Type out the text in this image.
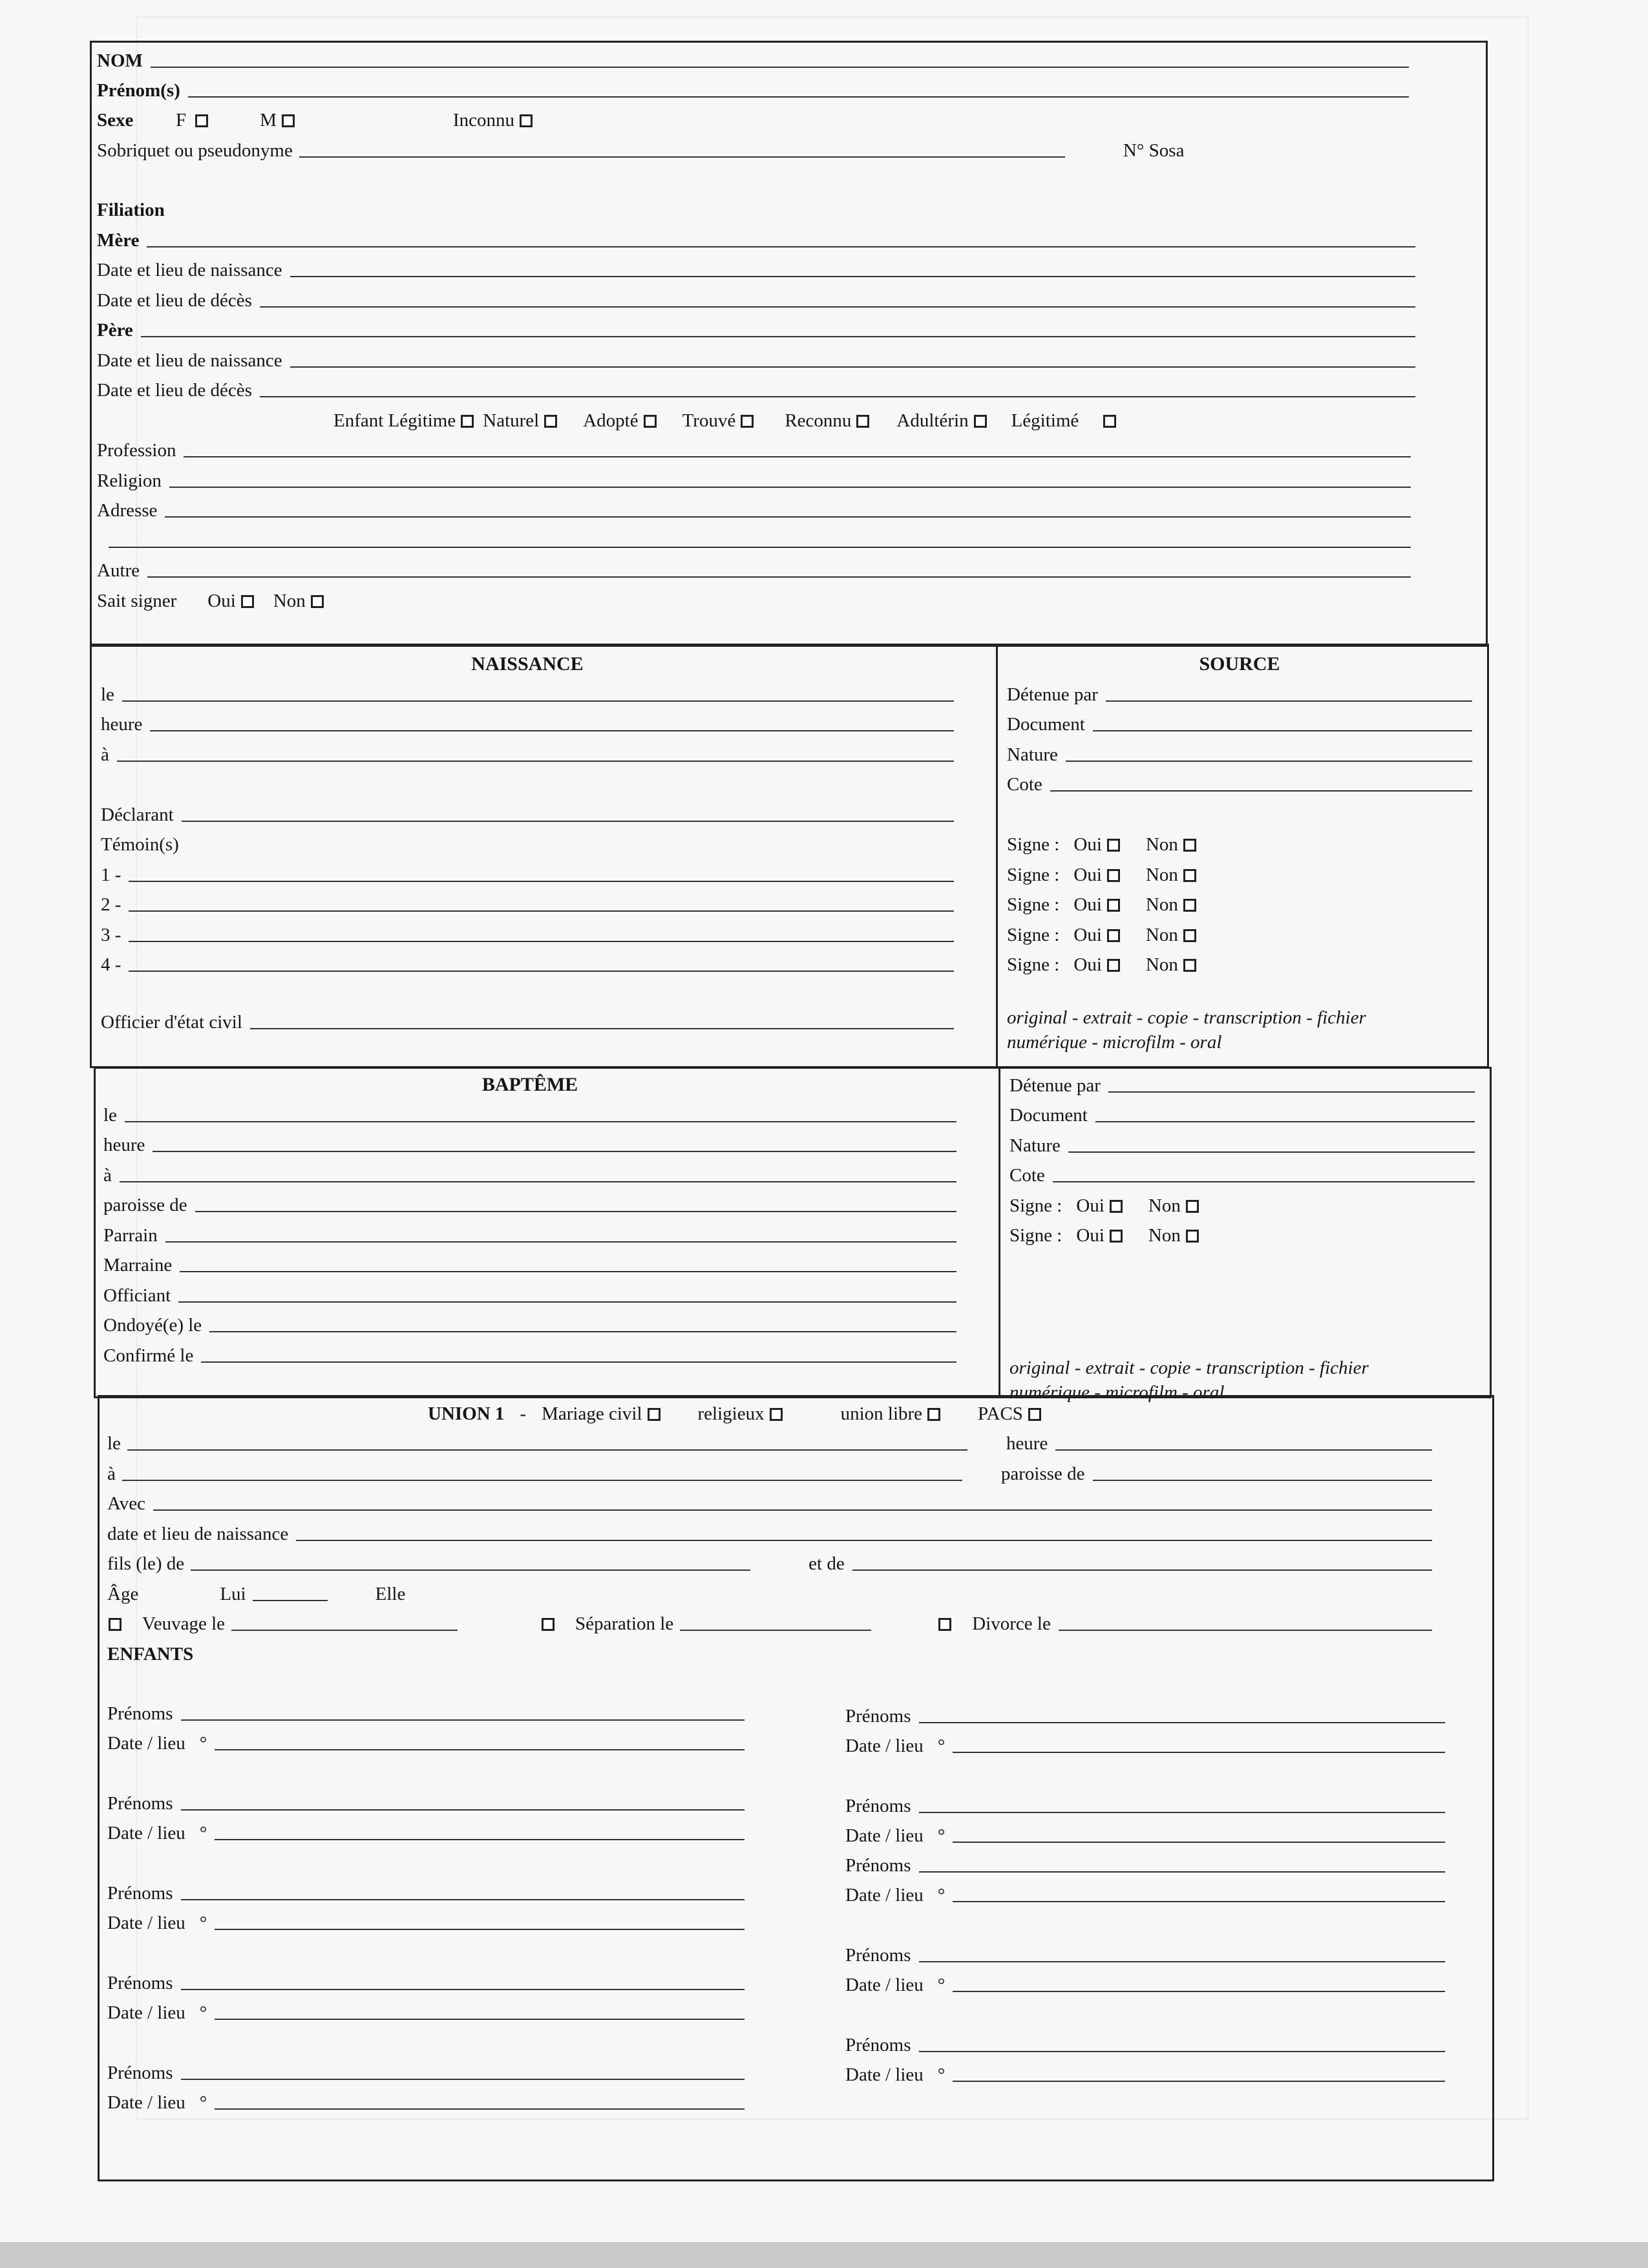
NOM
Prénom(s)
Sexe	F	M	Inconnu
Sobriquet ou pseudonyme	N° Sosa
Filiation
Mère
Date et lieu de naissance
Date et lieu de décès
Père
Date et lieu de naissance
Date et lieu de décès
Enfant Légitime Naturel Adopté Trouvé	Reconnu Adultérin Légitimé
Profession
Religion
Adresse
Autre
Sait signer Oui Non
NAISSANCE
le
heure
à
Déclarant
Témoin(s)
1 -
2 -
3 -
4 -
Officier d'état civil
SOURCE
Détenue par
Document
Nature
Cote
Signe : Oui Non
Signe : Oui Non
Signe : Oui Non
Signe : Oui Non
Signe : Oui Non
original - extrait - copie - transcription - fichier
numérique - microfilm - oral
BAPTÊME
le
heure
à
paroisse de
Parrain
Marraine
Officiant
Ondoyé(e) le
Confirmé le
Détenue par
Document
Nature
Cote
Signe : Oui Non
Signe : Oui Non
original - extrait - copie - transcription - fichier
numérique - microfilm - oral
UNION 1 - Mariage civil	religieux	union libre	PACS
le	heure
à	paroisse de
Avec
date et lieu de naissance
fils (le) de	et de
Âge	Lui	Elle
Veuvage le	Séparation le	Divorce le
ENFANTS
Prénoms
Date / lieu °
Prénoms
Date / lieu °
Prénoms
Date / lieu °
Prénoms
Date / lieu °
Prénoms
Date / lieu °
Prénoms
Date / lieu °
Prénoms
Date / lieu °
Prénoms
Date / lieu °
Prénoms
Date / lieu °
Prénoms
Date / lieu °
